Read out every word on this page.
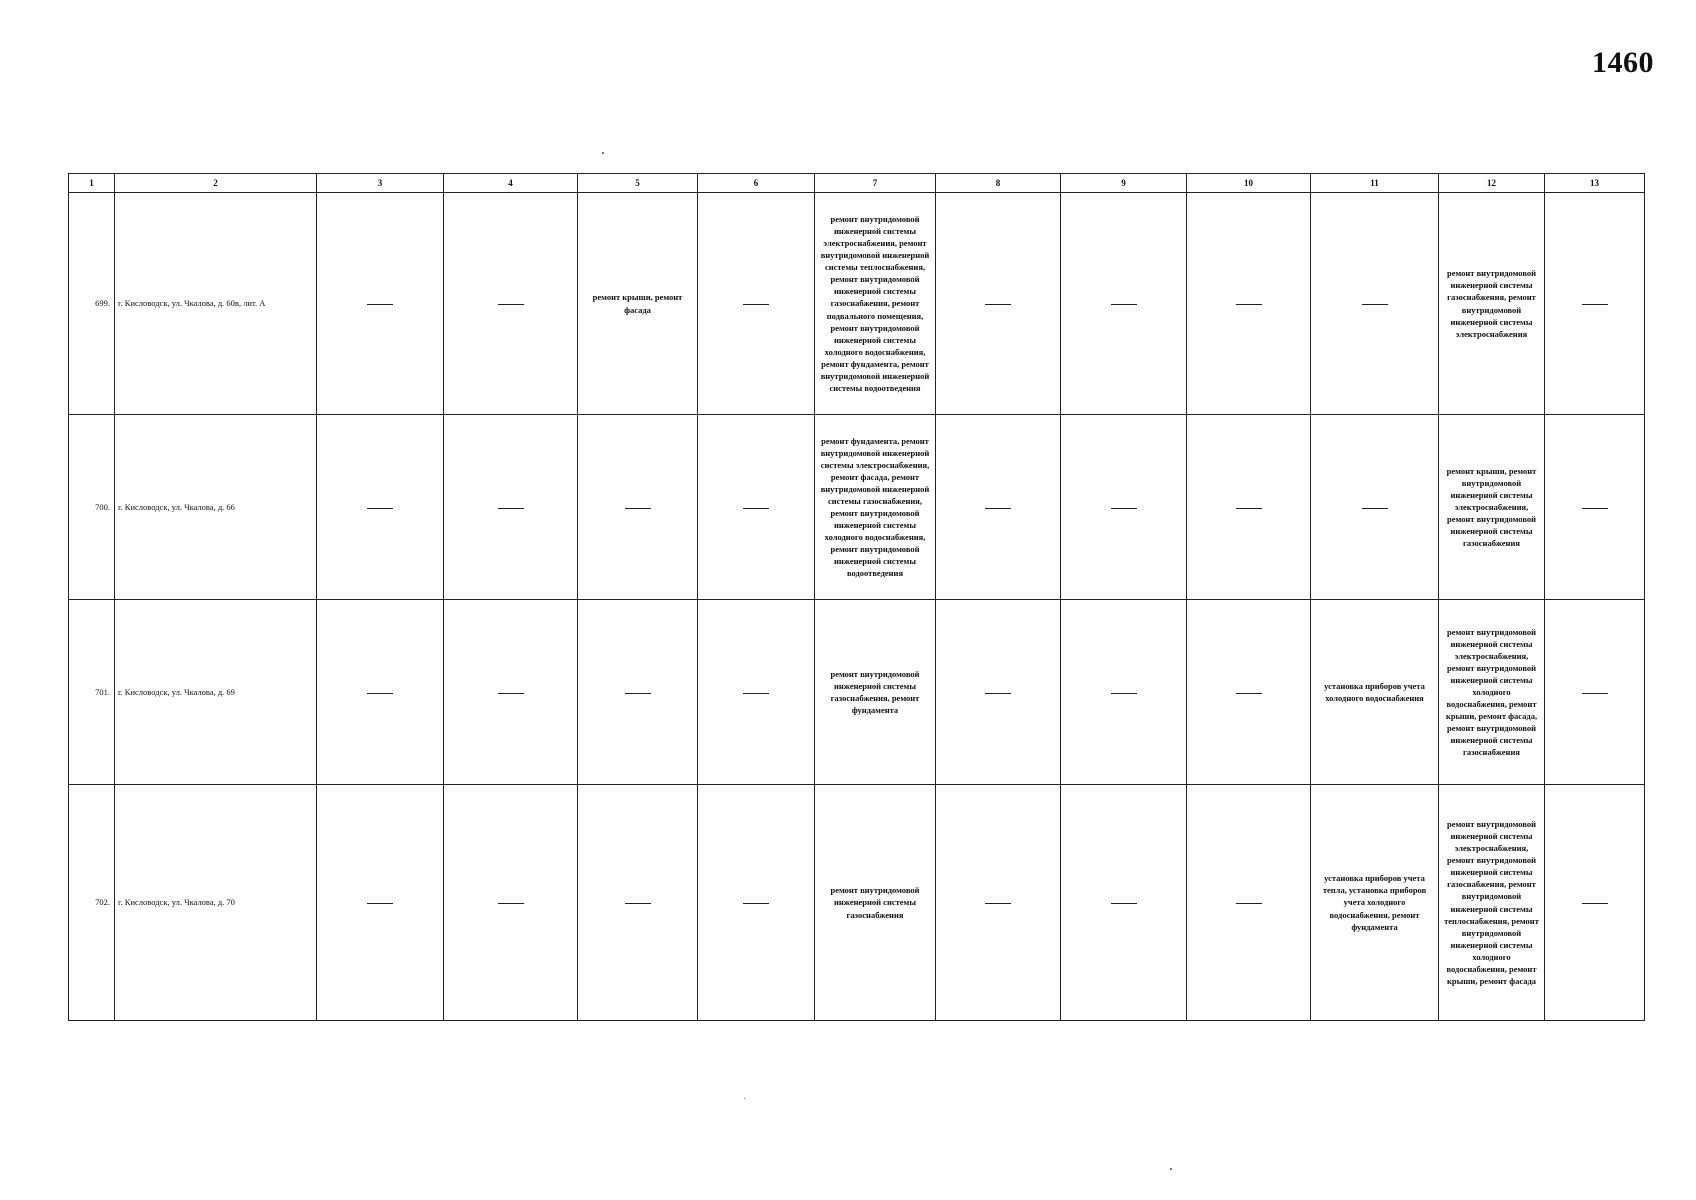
1460
1	2	3	4	5	6	7	8	9	10	11	12	13
699.	г. Кисловодск, ул. Чкалова, д. 60в, лит. А			ремонт крыши, ремонт фасада		ремонт внутридомовой инженерной системы электроснабжения, ремонт внутридомовой инженерной системы теплоснабжения, ремонт внутридомовой инженерной системы газоснабжения, ремонт подвального помещения, ремонт внутридомовой инженерной системы холодного водоснабжения, ремонт фундамента, ремонт внутридомовой инженерной системы водоотведения					ремонт внутридомовой инженерной системы газоснабжения, ремонт внутридомовой инженерной системы электроснабжения	
700.	г. Кисловодск, ул. Чкалова, д. 66					ремонт фундамента, ремонт внутридомовой инженерной системы электроснабжения, ремонт фасада, ремонт внутридомовой инженерной системы газоснабжения, ремонт внутридомовой инженерной системы холодного водоснабжения, ремонт внутридомовой инженерной системы водоотведения					ремонт крыши, ремонт внутридомовой инженерной системы электроснабжения, ремонт внутридомовой инженерной системы газоснабжения	
701.	г. Кисловодск, ул. Чкалова, д. 69					ремонт внутридомовой инженерной системы газоснабжения, ремонт фундамента				установка приборов учета холодного водоснабжения	ремонт внутридомовой инженерной системы электроснабжения, ремонт внутридомовой инженерной системы холодного водоснабжения, ремонт крыши, ремонт фасада, ремонт внутридомовой инженерной системы газоснабжения	
702.	г. Кисловодск, ул. Чкалова, д. 70					ремонт внутридомовой инженерной системы газоснабжения				установка приборов учета тепла, установка приборов учета холодного водоснабжения, ремонт фундамента	ремонт внутридомовой инженерной системы электроснабжения, ремонт внутридомовой инженерной системы газоснабжения, ремонт внутридомовой инженерной системы теплоснабжения, ремонт внутридомовой инженерной системы холодного водоснабжения, ремонт крыши, ремонт фасада	
